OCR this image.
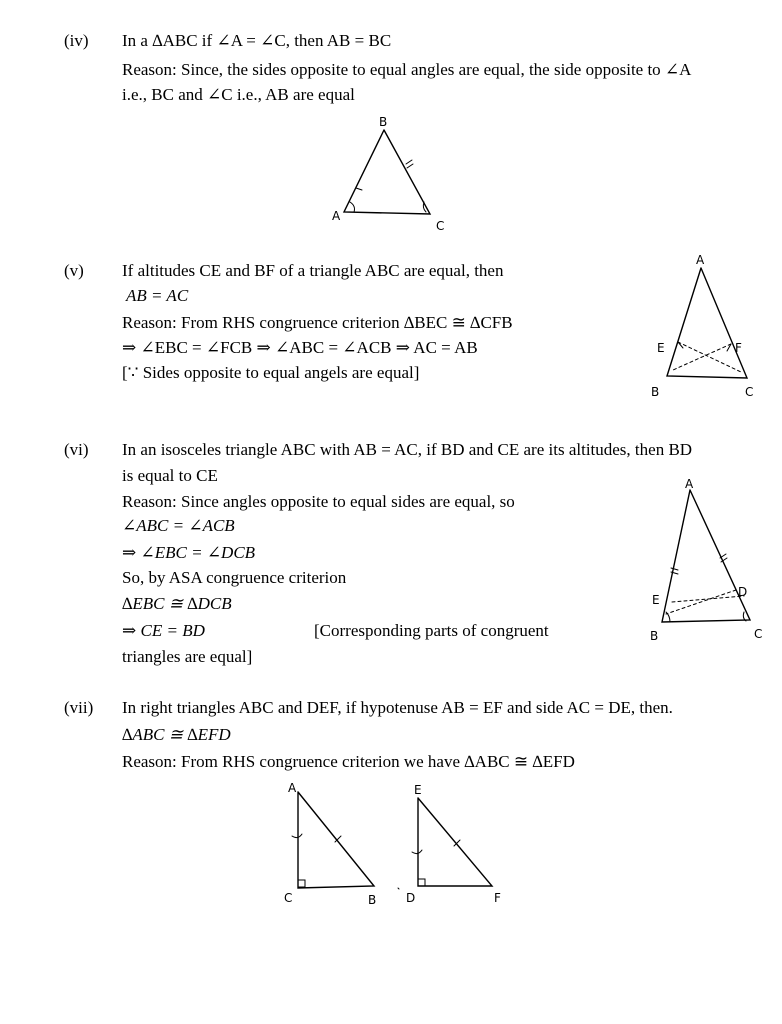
(iv) In a ∆ABC if ∠A = ∠C, then AB = BC
Reason: Since, the sides opposite to equal angles are equal, the side opposite to ∠A
i.e., BC and ∠C i.e., AB are equal
B
A
C
(v) If altitudes CE and BF of a triangle ABC are equal, then
AB = AC
Reason: From RHS congruence criterion ∆BEC ≅ ∆CFB
⇒ ∠EBC = ∠FCB ⇒ ∠ABC = ∠ACB ⇒ AC = AB
[∵ Sides opposite to equal angels are equal]
A
E	F
B	C
(vi) In an isosceles triangle ABC with AB = AC, if BD and CE are its altitudes, then BD
is equal to CE
Reason: Since angles opposite to equal sides are equal, so
∠ABC = ∠ACB
⇒ ∠EBC = ∠DCB
So, by ASA congruence criterion
∆EBC ≅ ∆DCB
⇒ CE = BD	[Corresponding parts of congruent
triangles are equal]
A
E
D
B	C
(vii) In right triangles ABC and DEF, if hypotenuse AB = EF and side AC = DE, then.
∆ABC ≅ ∆EFD
Reason: From RHS congruence criterion we have ∆ABC ≅ ∆EFD
A
C	B
E
D	F
